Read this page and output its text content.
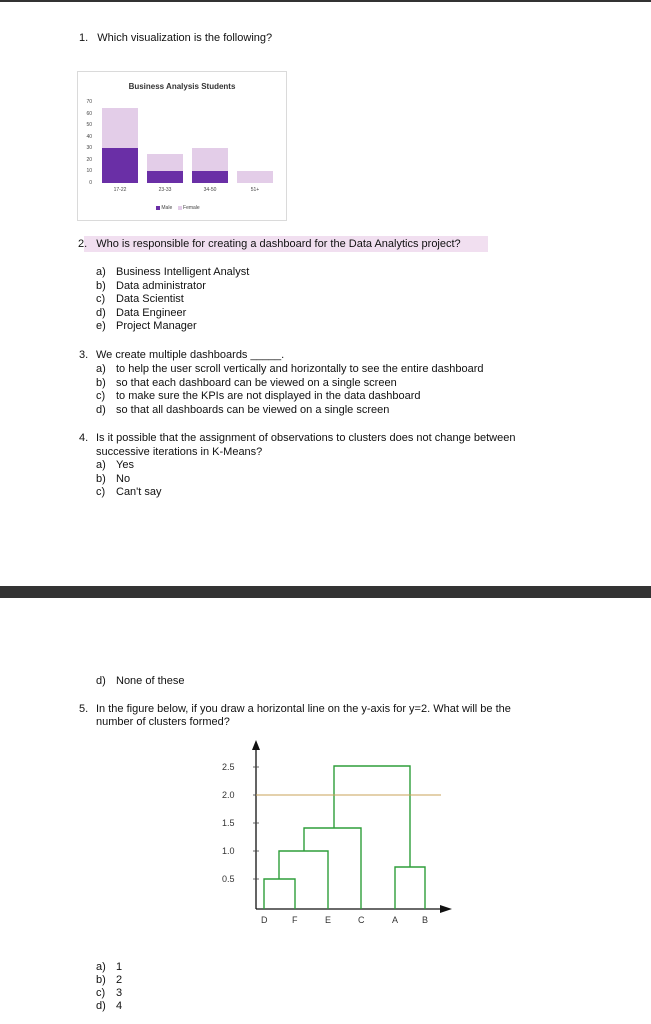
1. Which visualization is the following?
Business Analysis Students
70
60
50
40
30
20
10
0
17-22	23-33	34-50	51+
Male Female
2. Who is responsible for creating a dashboard for the Data Analytics project?
a) Business Intelligent Analyst
b) Data administrator
c) Data Scientist
d) Data Engineer
e) Project Manager
3. We create multiple dashboards _____.
a) to help the user scroll vertically and horizontally to see the entire dashboard
b) so that each dashboard can be viewed on a single screen
c) to make sure the KPIs are not displayed in the data dashboard
d) so that all dashboards can be viewed on a single screen
4. Is it possible that the assignment of observations to clusters does not change between
successive iterations in K-Means?
a) Yes
b) No
c) Can't say
d) None of these
5. In the figure below, if you draw a horizontal line on the y-axis for y=2. What will be the
number of clusters formed?
2.5
2.0
1.5
1.0
0.5
D	F	E	C	A	B
a) 1
b) 2
c) 3
d) 4
